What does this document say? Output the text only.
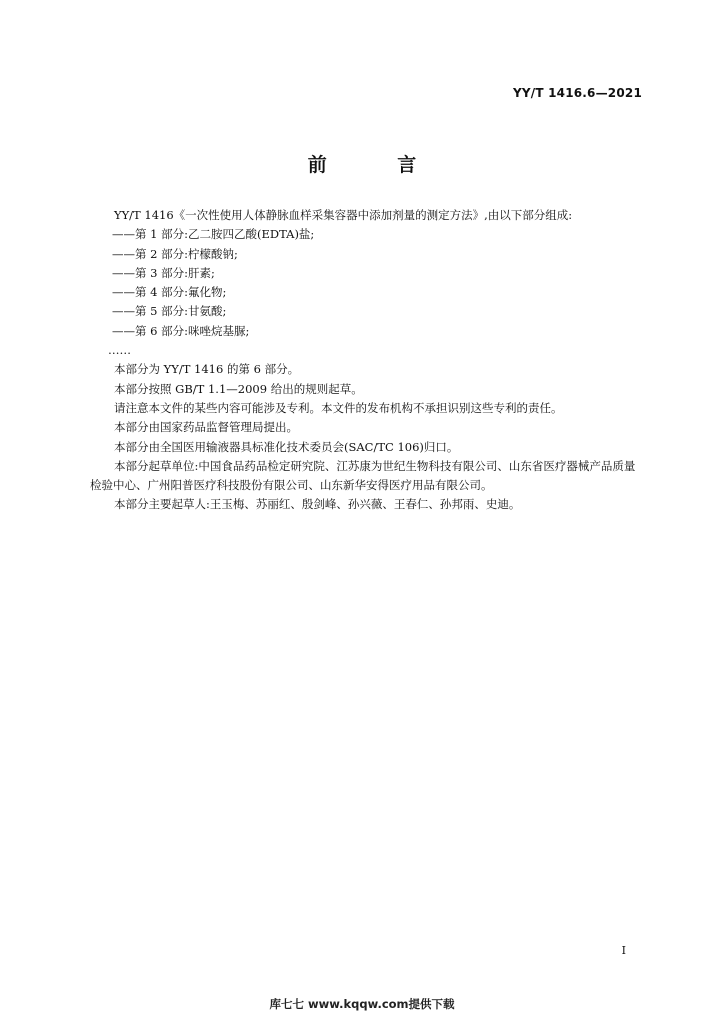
YY/T 1416.6—2021
前 言

YY/T 1416《一次性使用人体静脉血样采集容器中添加剂量的测定方法》,由以下部分组成:

——第 1 部分:乙二胺四乙酸(EDTA)盐;

——第 2 部分:柠檬酸钠;

——第 3 部分:肝素;

——第 4 部分:氟化物;

——第 5 部分:甘氨酸;

——第 6 部分:咪唑烷基脲;

……

本部分为 YY/T 1416 的第 6 部分。

本部分按照 GB/T 1.1—2009 给出的规则起草。

请注意本文件的某些内容可能涉及专利。本文件的发布机构不承担识别这些专利的责任。

本部分由国家药品监督管理局提出。

本部分由全国医用输液器具标准化技术委员会(SAC/TC 106)归口。

本部分起草单位:中国食品药品检定研究院、江苏康为世纪生物科技有限公司、山东省医疗器械产品质量检验中心、广州阳普医疗科技股份有限公司、山东新华安得医疗用品有限公司。

本部分主要起草人:王玉梅、苏丽红、殷剑峰、孙兴薇、王春仁、孙邦雨、史迪。

I
库七七 www.kqqw.com提供下载
